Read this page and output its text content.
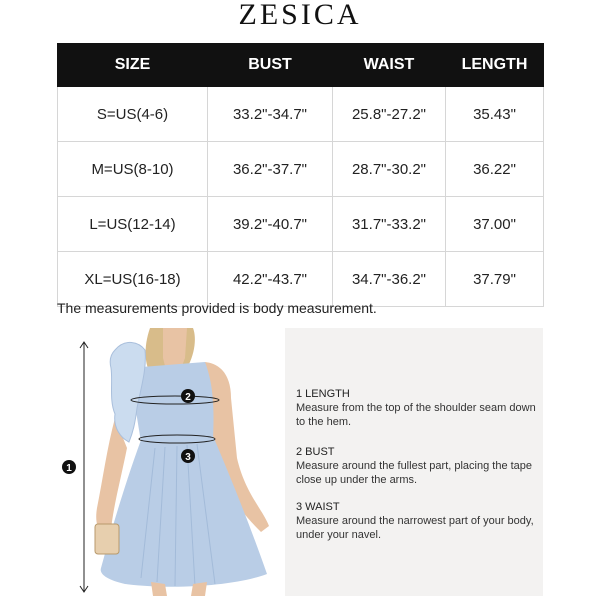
ZESICA
SIZE	BUST	WAIST	LENGTH
S=US(4-6)	33.2"-34.7"	25.8"-27.2"	35.43"
M=US(8-10)	36.2"-37.7"	28.7"-30.2"	36.22"
L=US(12-14)	39.2"-40.7"	31.7"-33.2"	37.00"
XL=US(16-18)	42.2"-43.7"	34.7"-36.2"	37.79"
The measurements provided is body measurement.
1
2
3
1 LENGTH
Measure from the top of the shoulder seam down to the hem.
2 BUST
Measure around the fullest part, placing the tape close up under the arms.
3 WAIST
Measure around the narrowest part of your body, under your navel.
